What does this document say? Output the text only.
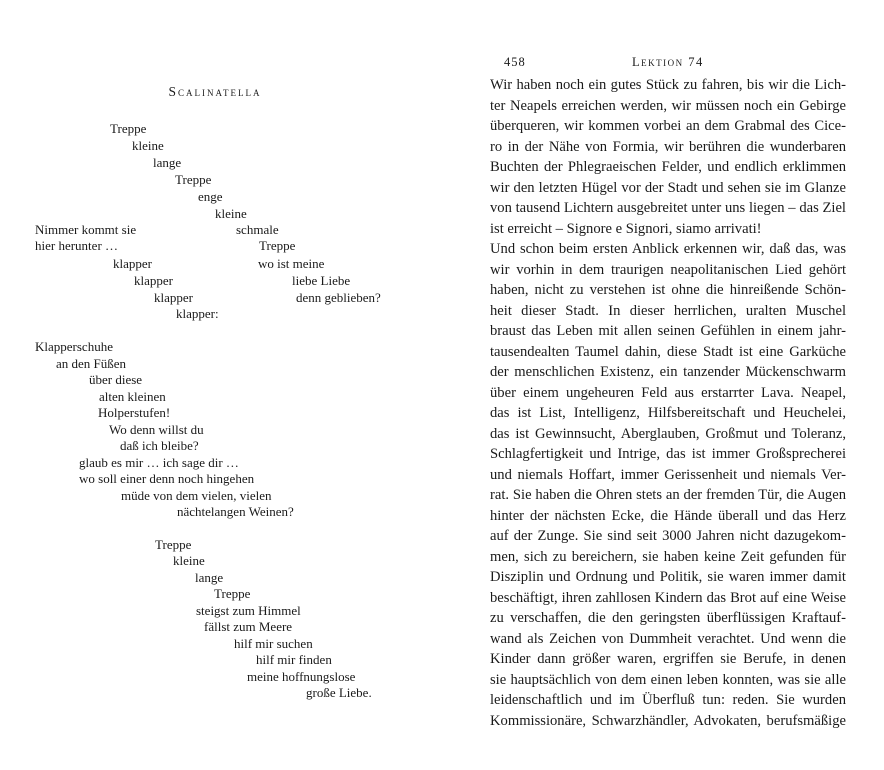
Scalinatella
Treppe
kleine
lange
Treppe
enge
kleine
Nimmer kommt sie	schmale
hier herunter …	Treppe
klapper	wo ist meine
klapper	liebe Liebe
klapper	denn geblieben?
klapper:
Klapperschuhe
an den Füßen
über diese
alten kleinen
Holperstufen!
Wo denn willst du
daß ich bleibe?
glaub es mir … ich sage dir …
wo soll einer denn noch hingehen
müde von dem vielen, vielen
nächtelangen Weinen?
Treppe
kleine
lange
Treppe
steigst zum Himmel
fällst zum Meere
hilf mir suchen
hilf mir finden
meine hoffnungslose
große Liebe.
458	Lektion 74
Wir haben noch ein gutes Stück zu fahren, bis wir die Lich-
ter Neapels erreichen werden, wir müssen noch ein Gebirge
überqueren, wir kommen vorbei an dem Grabmal des Cice-
ro in der Nähe von Formia, wir berühren die wunderbaren
Buchten der Phlegraeischen Felder, und endlich erklimmen
wir den letzten Hügel vor der Stadt und sehen sie im Glanze
von tausend Lichtern ausgebreitet unter uns liegen – das Ziel
ist erreicht – Signore e Signori, siamo arrivati!
Und schon beim ersten Anblick erkennen wir, daß das, was
wir vorhin in dem traurigen neapolitanischen Lied gehört
haben, nicht zu verstehen ist ohne die hinreißende Schön-
heit dieser Stadt. In dieser herrlichen, uralten Muschel
braust das Leben mit allen seinen Gefühlen in einem jahr-
tausendealten Taumel dahin, diese Stadt ist eine Garküche
der menschlichen Existenz, ein tanzender Mückenschwarm
über einem ungeheuren Feld aus erstarrter Lava. Neapel,
das ist List, Intelligenz, Hilfsbereitschaft und Heuchelei,
das ist Gewinnsucht, Aberglauben, Großmut und Toleranz,
Schlagfertigkeit und Intrige, das ist immer Großsprecherei
und niemals Hoffart, immer Gerissenheit und niemals Ver-
rat. Sie haben die Ohren stets an der fremden Tür, die Augen
hinter der nächsten Ecke, die Hände überall und das Herz
auf der Zunge. Sie sind seit 3000 Jahren nicht dazugekom-
men, sich zu bereichern, sie haben keine Zeit gefunden für
Disziplin und Ordnung und Politik, sie waren immer damit
beschäftigt, ihren zahllosen Kindern das Brot auf eine Weise
zu verschaffen, die den geringsten überflüssigen Kraftauf-
wand als Zeichen von Dummheit verachtet. Und wenn die
Kinder dann größer waren, ergriffen sie Berufe, in denen
sie hauptsächlich von dem einen leben konnten, was sie alle
leidenschaftlich und im Überfluß tun: reden. Sie wurden
Kommissionäre, Schwarzhändler, Advokaten, berufsmäßige
